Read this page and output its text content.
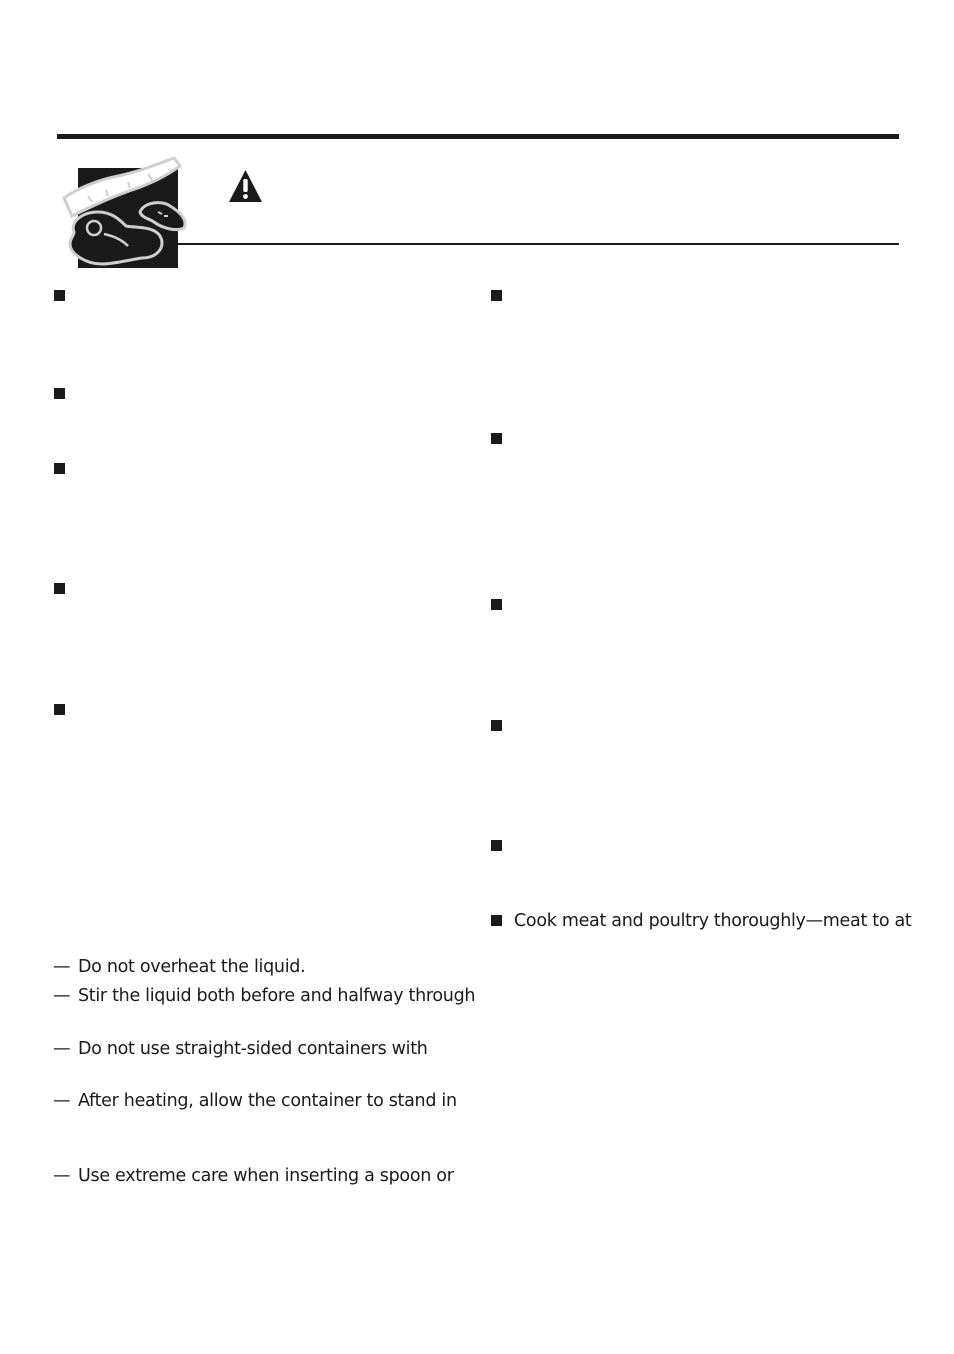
Cook meat and poultry thoroughly—meat to at
— Do not overheat the liquid.
— Stir the liquid both before and halfway through
— Do not use straight-sided containers with
— After heating, allow the container to stand in
— Use extreme care when inserting a spoon or
